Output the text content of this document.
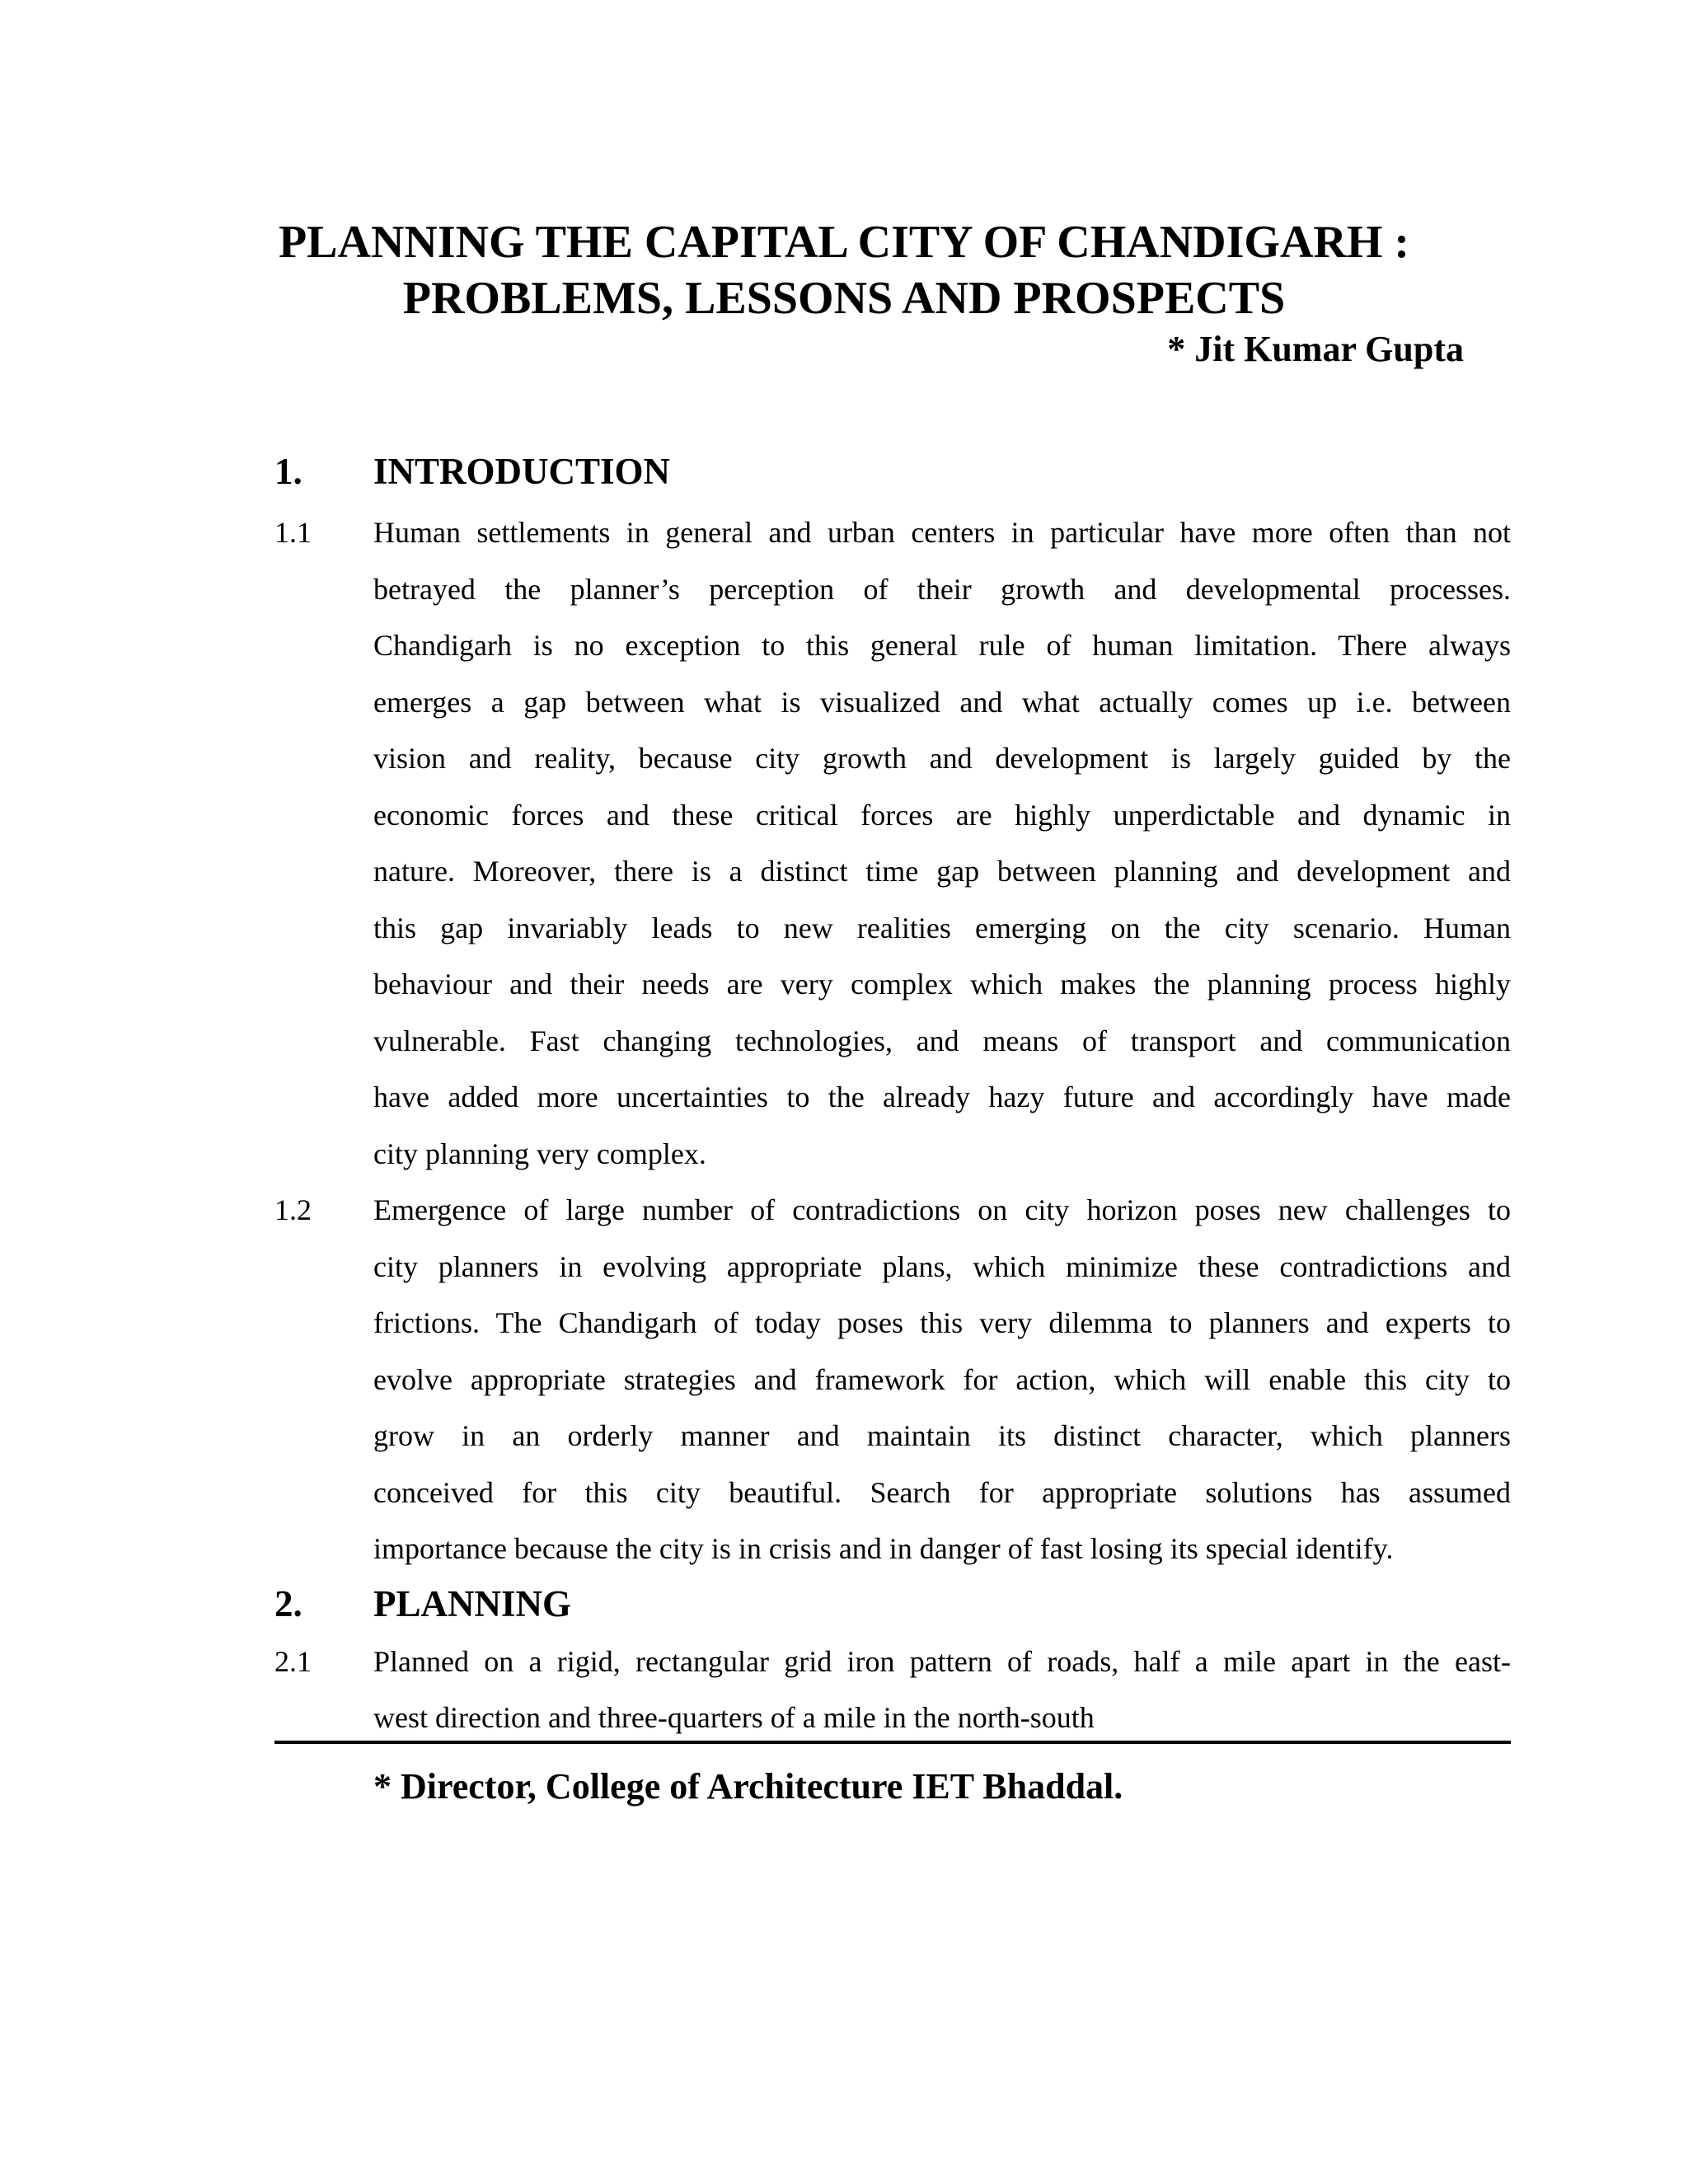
PLANNING THE CAPITAL CITY OF CHANDIGARH :
PROBLEMS, LESSONS AND PROSPECTS
* Jit Kumar Gupta
1. INTRODUCTION
1.1 Human settlements in general and urban centers in particular have more often than not
betrayed the planner’s perception of their growth and developmental processes.
Chandigarh is no exception to this general rule of human limitation. There always
emerges a gap between what is visualized and what actually comes up i.e. between
vision and reality, because city growth and development is largely guided by the
economic forces and these critical forces are highly unperdictable and dynamic in
nature. Moreover, there is a distinct time gap between planning and development and
this gap invariably leads to new realities emerging on the city scenario. Human
behaviour and their needs are very complex which makes the planning process highly
vulnerable. Fast changing technologies, and means of transport and communication
have added more uncertainties to the already hazy future and accordingly have made
city planning very complex.
1.2 Emergence of large number of contradictions on city horizon poses new challenges to
city planners in evolving appropriate plans, which minimize these contradictions and
frictions. The Chandigarh of today poses this very dilemma to planners and experts to
evolve appropriate strategies and framework for action, which will enable this city to
grow in an orderly manner and maintain its distinct character, which planners
conceived for this city beautiful. Search for appropriate solutions has assumed
importance because the city is in crisis and in danger of fast losing its special identify.
2. PLANNING
2.1 Planned on a rigid, rectangular grid iron pattern of roads, half a mile apart in the east-
west direction and three-quarters of a mile in the north-south
* Director, College of Architecture IET Bhaddal.
